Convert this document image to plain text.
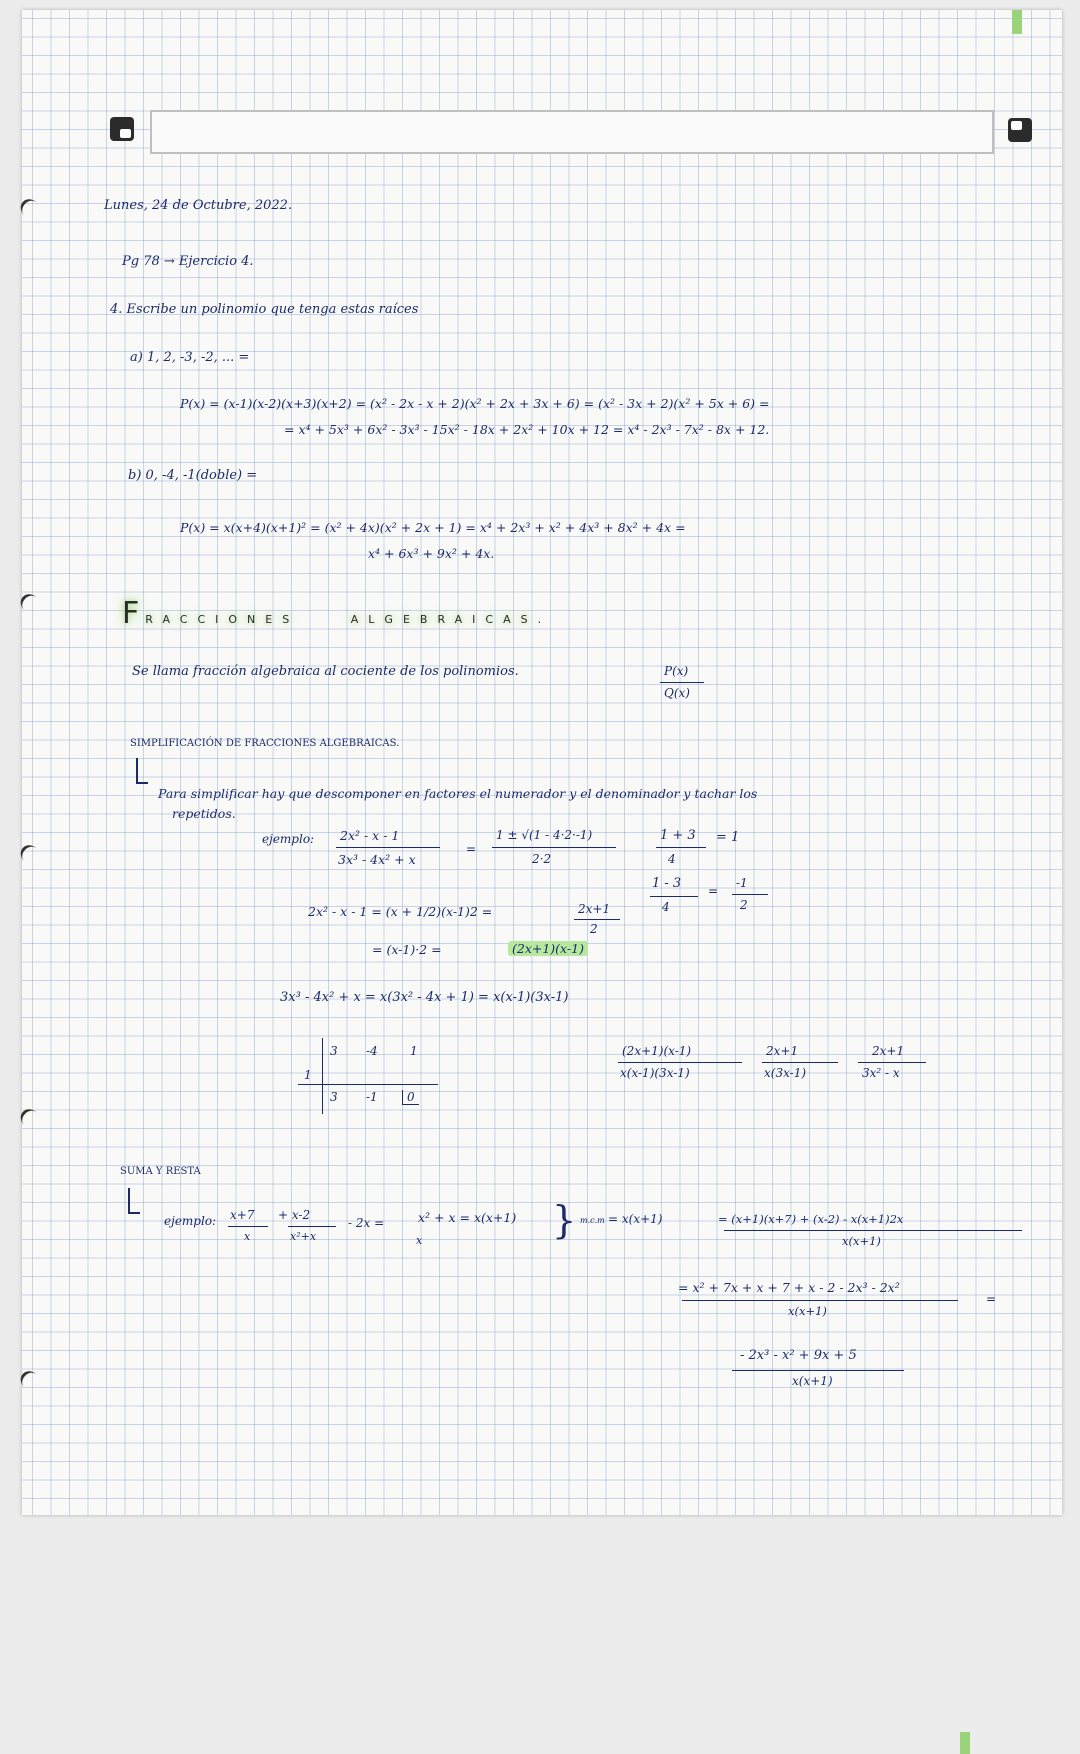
Lunes, 24 de Octubre, 2022.
Pg 78 → Ejercicio 4.
4. Escribe un polinomio que tenga estas raíces
a) 1, 2, -3, -2, ... =
P(x) = (x-1)(x-2)(x+3)(x+2) = (x² - 2x - x + 2)(x² + 2x + 3x + 6) = (x² - 3x + 2)(x² + 5x + 6) =
= x⁴ + 5x³ + 6x² - 3x³ - 15x² - 18x + 2x² + 10x + 12 = x⁴ - 2x³ - 7x² - 8x + 12.
b) 0, -4, -1(doble) =
P(x) = x(x+4)(x+1)² = (x² + 4x)(x² + 2x + 1) = x⁴ + 2x³ + x² + 4x³ + 8x² + 4x =
x⁴ + 6x³ + 9x² + 4x.
FRACCIONES	ALGEBRAICAS.
Se llama fracción algebraica al cociente de los polinomios.	P(x)
Q(x)
SIMPLIFICACIÓN DE FRACCIONES ALGEBRAICAS.
Para simplificar hay que descomponer en factores el numerador y el denominador y tachar los
repetidos.
ejemplo: 2x² - x - 1
3x³ - 4x² + x
=
1 ± √(1 - 4·2·-1)
2·2
1 + 3
4
= 1
1 - 3
4
=
-1
2
2x² - x - 1 = (x + 1/2)(x-1)2 =	2x+1
2
= (x-1)·2 =	(2x+1)(x-1)
3x³ - 4x² + x = x(3x² - 4x + 1) = x(x-1)(3x-1)
3 -4	1
1
3 -1	0
(2x+1)(x-1)
x(x-1)(3x-1)
2x+1
x(3x-1)
2x+1
3x² - x
SUMA Y RESTA
ejemplo: x+7
x
+ x-2
x²+x
- 2x =	x² + x = x(x+1)
x	} m.c.m = x(x+1)	= (x+1)(x+7) + (x-2) - x(x+1)2x
x(x+1)
= x² + 7x + x + 7 + x - 2 - 2x³ - 2x²
x(x+1)
=
- 2x³ - x² + 9x + 5
x(x+1)
